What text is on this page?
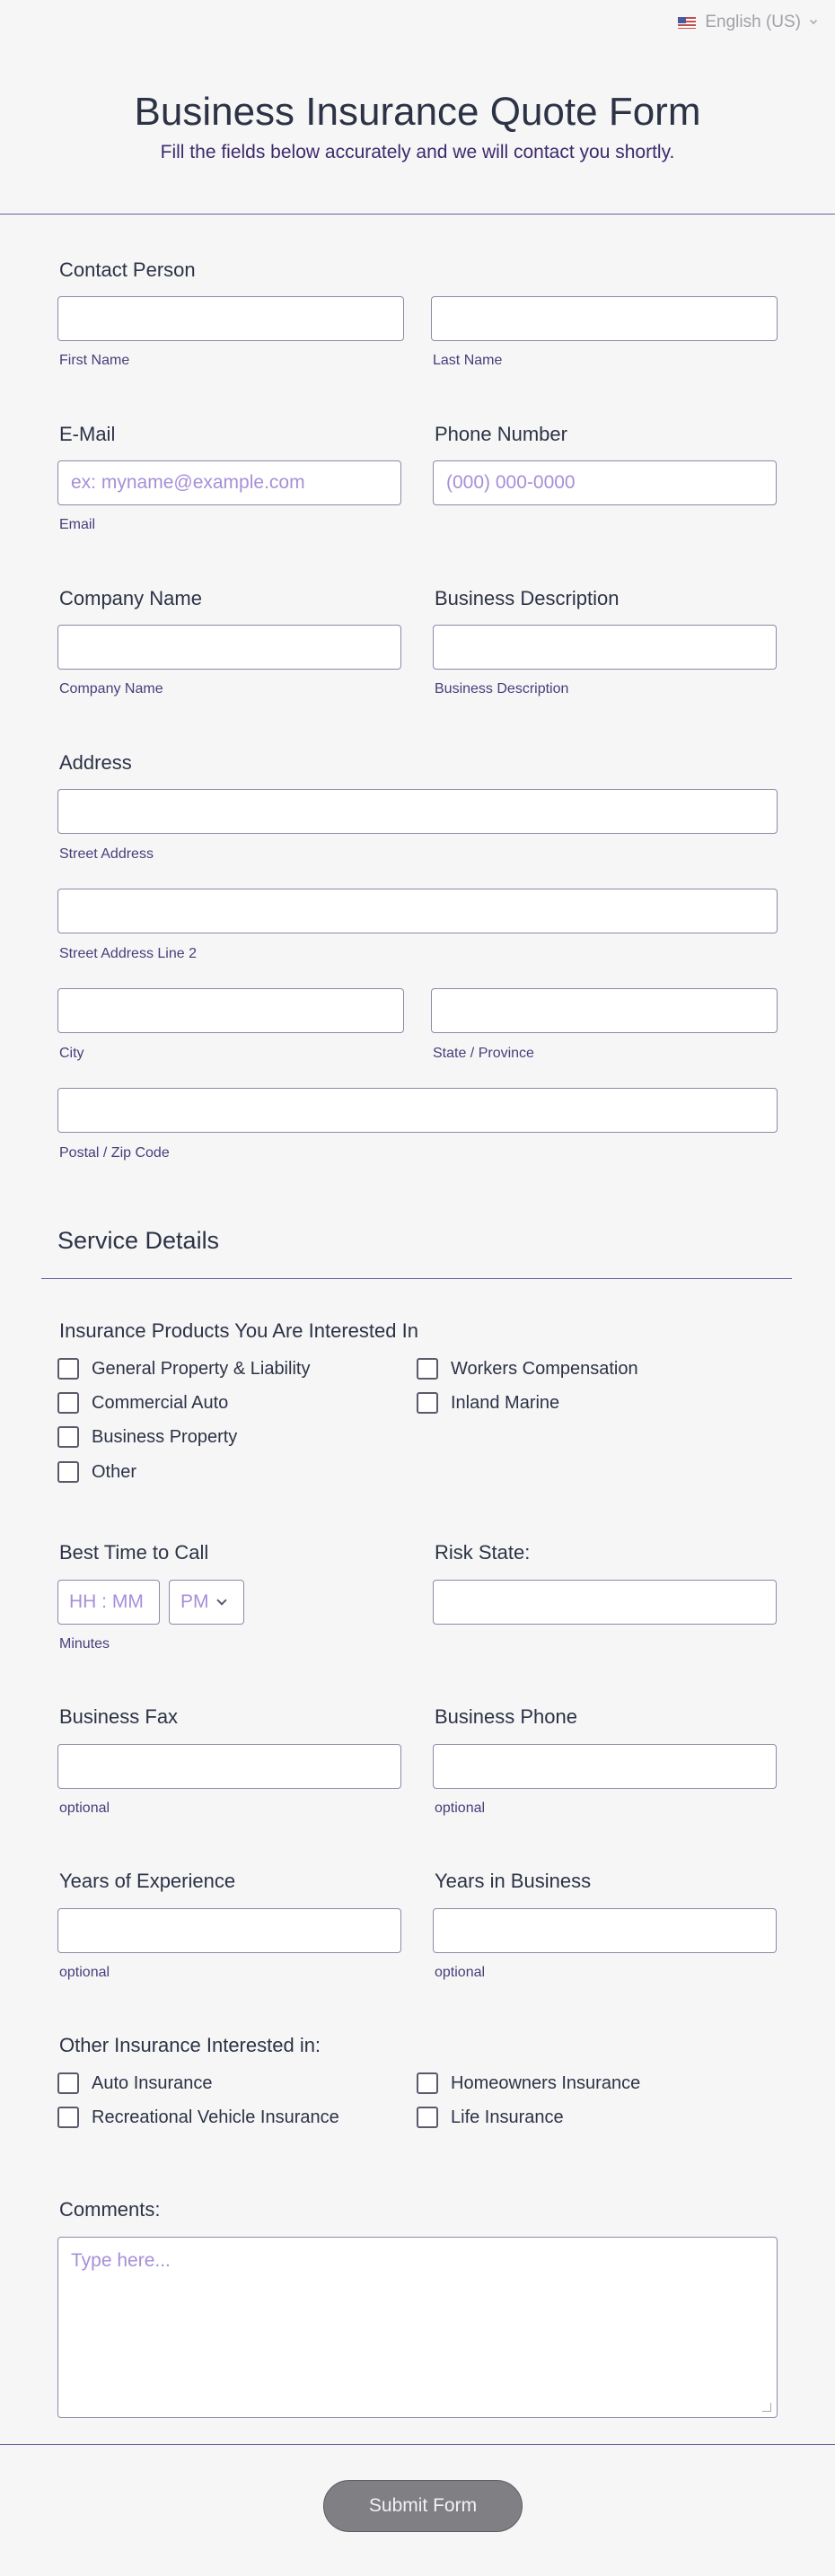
English (US)
Business Insurance Quote Form
Fill the fields below accurately and we will contact you shortly.
Contact Person
First Name	Last Name
E-Mail
ex: myname@example.com
Email
Phone Number
(000) 000-0000
Company Name
Company Name
Business Description
Business Description
Address
Street Address
Street Address Line 2
City	State / Province
Postal / Zip Code
Service Details
Insurance Products You Are Interested In
General Property & Liability
Commercial Auto
Business Property
Other
Workers Compensation
Inland Marine
Best Time to Call
HH : MM	PM
Minutes
Risk State:
Business Fax
optional
Business Phone
optional
Years of Experience
optional
Years in Business
optional
Other Insurance Interested in:
Auto Insurance
Recreational Vehicle Insurance
Homeowners Insurance
Life Insurance
Comments:
Type here...
Submit Form
